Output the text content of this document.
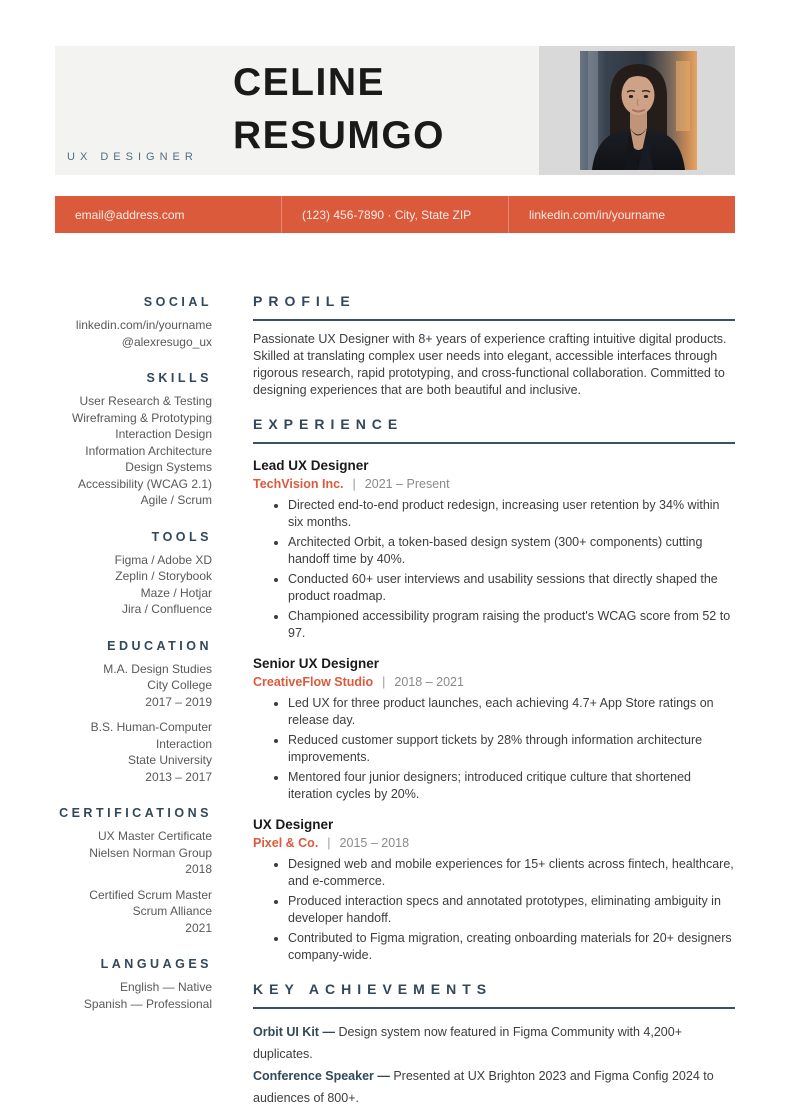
UX DESIGNER
CELINE
RESUMGO
email@address.com	(123) 456-7890 · City, State ZIP	linkedin.com/in/yourname
SOCIAL
linkedin.com/in/yourname
@alexresugo_ux
SKILLS
User Research & Testing
Wireframing & Prototyping
Interaction Design
Information Architecture
Design Systems
Accessibility (WCAG 2.1)
Agile / Scrum
TOOLS
Figma / Adobe XD
Zeplin / Storybook
Maze / Hotjar
Jira / Confluence
EDUCATION
M.A. Design Studies
City College
2017 – 2019
B.S. Human-Computer Interaction
State University
2013 – 2017
CERTIFICATIONS
UX Master Certificate
Nielsen Norman Group
2018
Certified Scrum Master
Scrum Alliance
2021
LANGUAGES
English — Native
Spanish — Professional
PROFILE

Passionate UX Designer with 8+ years of experience crafting intuitive digital products. Skilled at translating complex user needs into elegant, accessible interfaces through rigorous research, rapid prototyping, and cross-functional collaboration. Committed to designing experiences that are both beautiful and inclusive.

EXPERIENCE
Lead UX Designer
TechVision Inc. | 2021 – Present
• Directed end-to-end product redesign, increasing user retention by 34% within six months.
• Architected Orbit, a token-based design system (300+ components) cutting handoff time by 40%.
• Conducted 60+ user interviews and usability sessions that directly shaped the product roadmap.
• Championed accessibility program raising the product's WCAG score from 52 to 97.
Senior UX Designer
CreativeFlow Studio | 2018 – 2021
• Led UX for three product launches, each achieving 4.7+ App Store ratings on release day.
• Reduced customer support tickets by 28% through information architecture improvements.
• Mentored four junior designers; introduced critique culture that shortened iteration cycles by 20%.
UX Designer
Pixel & Co. | 2015 – 2018
• Designed web and mobile experiences for 15+ clients across fintech, healthcare, and e-commerce.
• Produced interaction specs and annotated prototypes, eliminating ambiguity in developer handoff.
• Contributed to Figma migration, creating onboarding materials for 20+ designers company-wide.
KEY ACHIEVEMENTS
Orbit UI Kit — Design system now featured in Figma Community with 4,200+ duplicates.
Conference Speaker — Presented at UX Brighton 2023 and Figma Config 2024 to audiences of 800+.
